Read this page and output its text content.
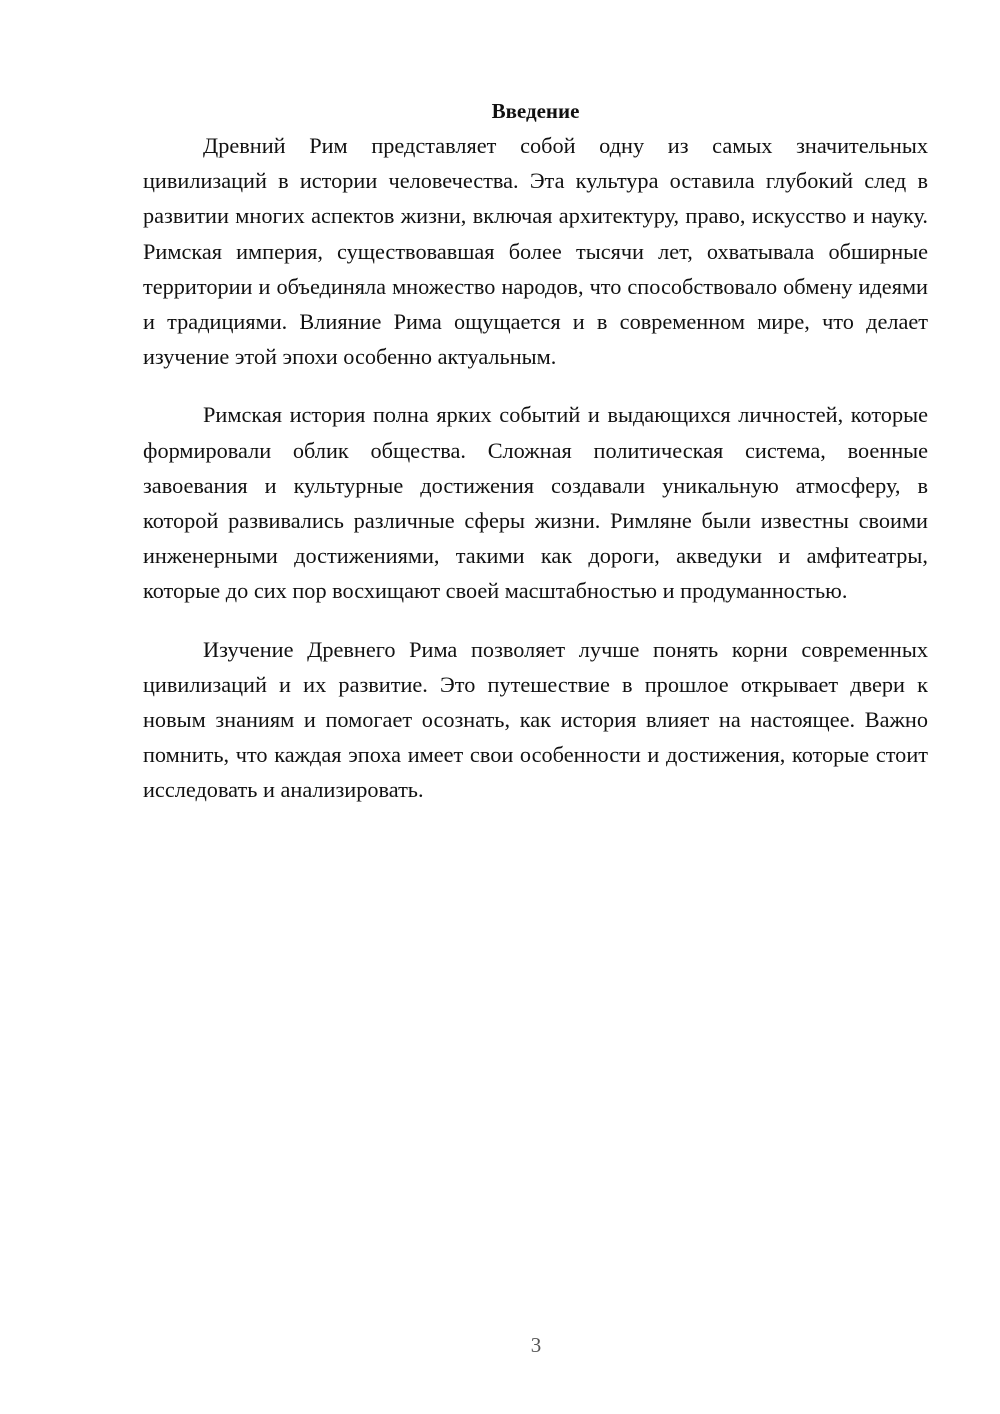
Введение

Древний Рим представляет собой одну из самых значительных цивилизаций в истории человечества. Эта культура оставила глубокий след в развитии многих аспектов жизни, включая архитектуру, право, искусство и науку. Римская империя, существовавшая более тысячи лет, охватывала обширные территории и объединяла множество народов, что способствовало обмену идеями и традициями. Влияние Рима ощущается и в современном мире, что делает изучение этой эпохи особенно актуальным.

Римская история полна ярких событий и выдающихся личностей, которые формировали облик общества. Сложная политическая система, военные завоевания и культурные достижения создавали уникальную атмосферу, в которой развивались различные сферы жизни. Римляне были известны своими инженерными достижениями, такими как дороги, акведуки и амфитеатры, которые до сих пор восхищают своей масштабностью и продуманностью.

Изучение Древнего Рима позволяет лучше понять корни современных цивилизаций и их развитие. Это путешествие в прошлое открывает двери к новым знаниям и помогает осознать, как история влияет на настоящее. Важно помнить, что каждая эпоха имеет свои особенности и достижения, которые стоит исследовать и анализировать.

3
